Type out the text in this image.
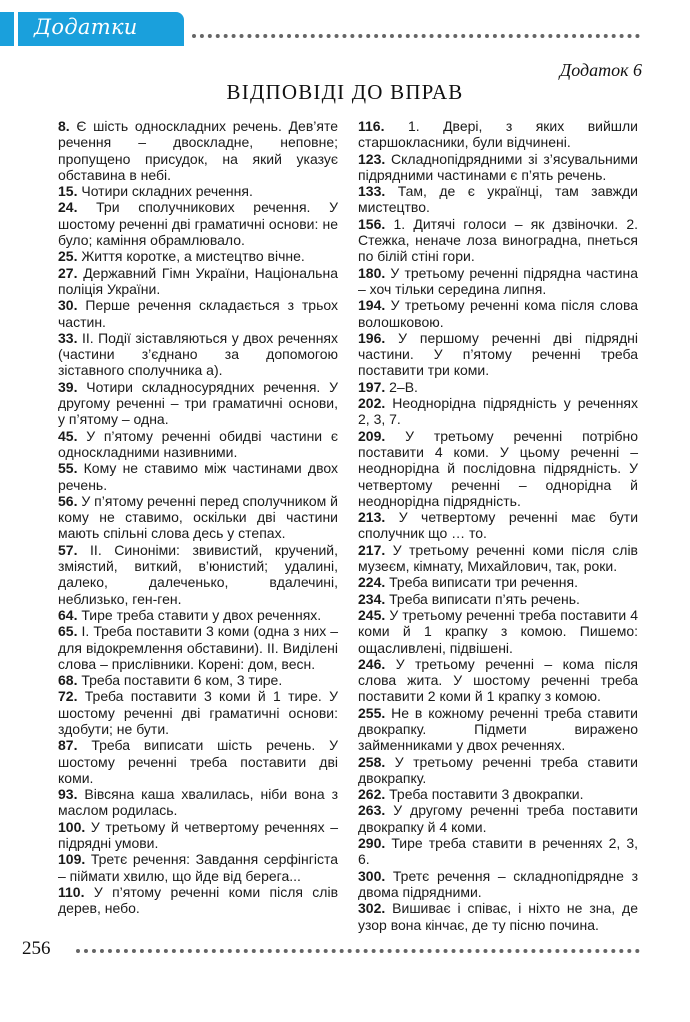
Додатки
Додаток 6
ВІДПОВІДІ ДО ВПРАВ

8. Є шість односкладних речень. Дев’яте речення – двоскладне, неповне; пропущено присудок, на який указує обставина в небі.

15. Чотири складних речення.

24. Три сполучникових речення. У шостому реченні дві граматичні основи: не було; каміння обрамлювало.

25. Життя коротке, а мистецтво вічне.

27. Державний Гімн України, Національна поліція України.

30. Перше речення складається з трьох частин.

33. ІІ. Події зіставляються у двох реченнях (частини з’єднано за допомогою зіставного сполучника а).

39. Чотири складносурядних речення. У другому реченні – три граматичні основи, у п’ятому – одна.

45. У п’ятому реченні обидві частини є односкладними називними.

55. Кому не ставимо між частинами двох речень.

56. У п’ятому реченні перед сполучником й кому не ставимо, оскільки дві частини мають спільні слова десь у степах.

57. ІІ. Синоніми: звивистий, кручений, зміястий, виткий, в’юнистий; удалині, далеко, далеченько, вдалечині, неблизько, ген-ген.

64. Тире треба ставити у двох реченнях.

65. І. Треба поставити 3 коми (одна з них – для відокремлення обставини). ІІ. Виділені слова – прислівники. Корені: дом, весн.

68. Треба поставити 6 ком, 3 тире.

72. Треба поставити 3 коми й 1 тире. У шостому реченні дві граматичні основи: здобути; не бути.

87. Треба виписати шість речень. У шостому реченні треба поставити дві коми.

93. Вівсяна каша хвалилась, ніби вона з маслом родилась.

100. У третьому й четвертому реченнях – підрядні умови.

109. Третє речення: Завдання серфінгіста – піймати хвилю, що йде від берега...

110. У п’ятому реченні коми після слів дерев, небо.

116. 1. Двері, з яких вийшли старшокласники, були відчинені.

123. Складнопідрядними зі з’ясувальними підрядними частинами є п’ять речень.

133. Там, де є українці, там завжди мистецтво.

156. 1. Дитячі голоси – як дзвіночки. 2. Стежка, неначе лоза виноградна, пнеться по білій стіні гори.

180. У третьому реченні підрядна частина – хоч тільки середина липня.

194. У третьому реченні кома після слова волошковою.

196. У першому реченні дві підрядні частини. У п’ятому реченні треба поставити три коми.

197. 2–В.

202. Неоднорідна підрядність у реченнях 2, 3, 7.

209. У третьому реченні потрібно поставити 4 коми. У цьому реченні – неоднорідна й послідовна підрядність. У четвертому реченні – однорідна й неоднорідна підрядність.

213. У четвертому реченні має бути сполучник що … то.

217. У третьому реченні коми після слів музеєм, кімнату, Михайлович, так, роки.

224. Треба виписати три речення.

234. Треба виписати п’ять речень.

245. У третьому реченні треба поставити 4 коми й 1 крапку з комою. Пишемо: ощасливлені, підвішені.

246. У третьому реченні – кома після слова жита. У шостому реченні треба поставити 2 коми й 1 крапку з комою.

255. Не в кожному реченні треба ставити двокрапку. Підмети виражено займенниками у двох реченнях.

258. У третьому реченні треба ставити двокрапку.

262. Треба поставити 3 двокрапки.

263. У другому реченні треба поставити двокрапку й 4 коми.

290. Тире треба ставити в реченнях 2, 3, 6.

300. Третє речення – складнопідрядне з двома підрядними.

302. Вишиває і співає, і ніхто не зна, де узор вона кінчає, де ту пісню починa.

256
